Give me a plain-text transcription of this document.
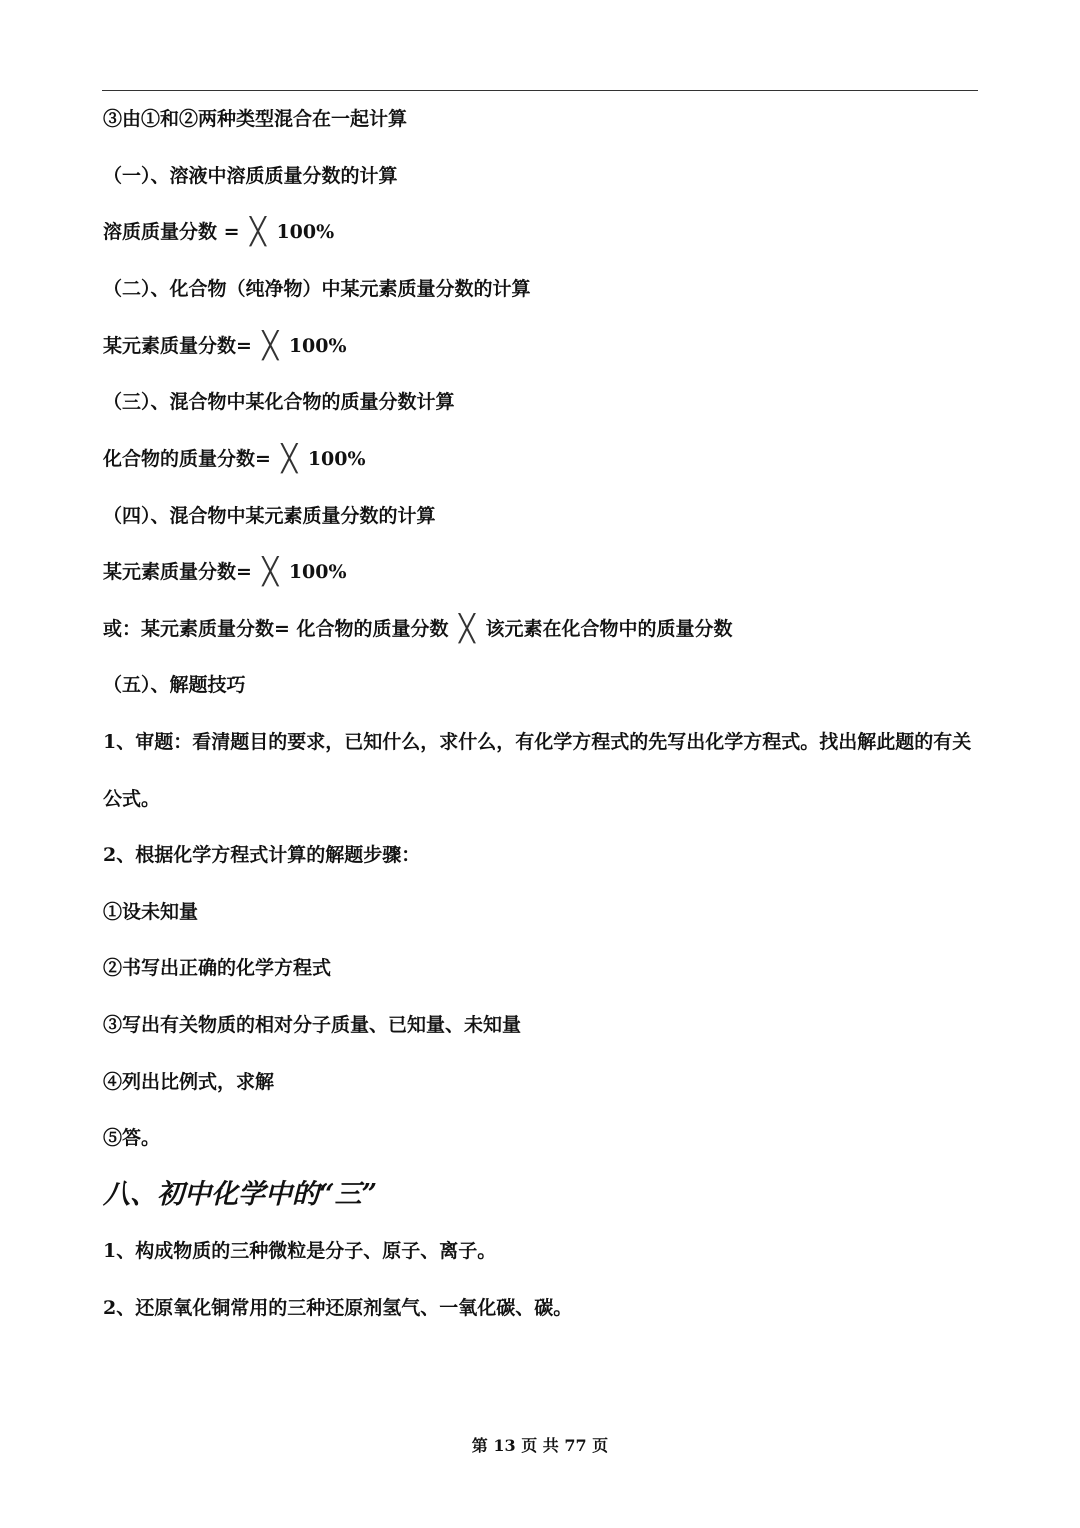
③由①和②两种类型混合在一起计算
（一）、溶液中溶质质量分数的计算
溶质质量分数 = ╳ 100%
（二）、化合物（纯净物）中某元素质量分数的计算
某元素质量分数= ╳ 100%
（三）、混合物中某化合物的质量分数计算
化合物的质量分数= ╳ 100%
（四）、混合物中某元素质量分数的计算
某元素质量分数= ╳ 100%
或：某元素质量分数= 化合物的质量分数 ╳ 该元素在化合物中的质量分数
（五）、解题技巧
1、审题：看清题目的要求，已知什么，求什么，有化学方程式的先写出化学方程式。找出解此题的有关
公式。
2、根据化学方程式计算的解题步骤：
①设未知量
②书写出正确的化学方程式
③写出有关物质的相对分子质量、已知量、未知量
④列出比例式，求解
⑤答。
八、初中化学中的“三”
1、构成物质的三种微粒是分子、原子、离子。
2、还原氧化铜常用的三种还原剂氢气、一氧化碳、碳。
第 13 页 共 77 页
